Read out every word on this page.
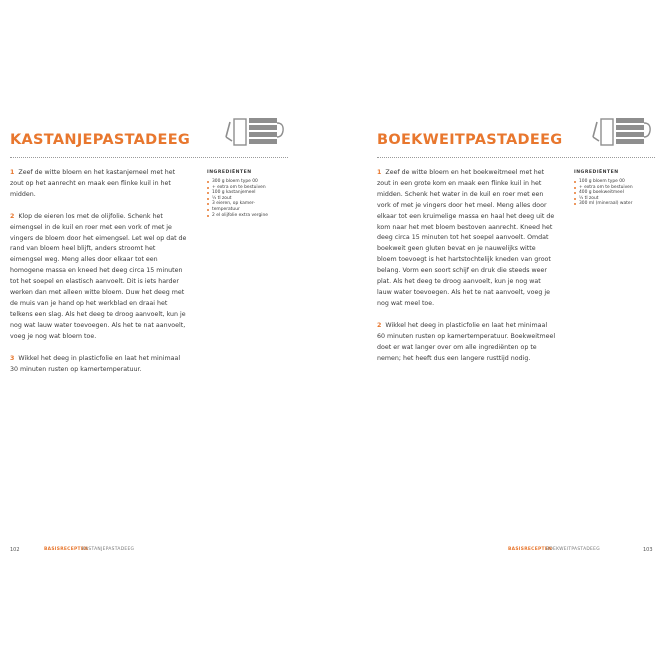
KASTANJEPASTADEEG

1 Zeef de witte bloem en het kastanjemeel met het zout op het aanrecht en maak een flinke kuil in het midden.

2 Klop de eieren los met de olijfolie. Schenk het eimengsel in de kuil en roer met een vork of met je vingers de bloem door het eimengsel. Let wel op dat de rand van bloem heel blijft, anders stroomt het eimengsel weg. Meng alles door elkaar tot een homogene massa en kneed het deeg circa 15 minuten tot het soepel en elastisch aanvoelt. Dit is iets harder werken dan met alleen witte bloem. Duw het deeg met de muis van je hand op het werkblad en draai het telkens een slag. Als het deeg te droog aanvoelt, kun je nog wat lauw water toevoegen. Als het te nat aanvoelt, voeg je nog wat bloem toe.

3 Wikkel het deeg in plasticfolie en laat het minimaal 30 minuten rusten op kamertemperatuur.

INGREDIËNTEN
300 g bloem type 00
+ extra om te bestuiven
100 g kastanjemeel
½ tl zout
3 eieren, op kamer-
temperatuur
2 el olijfolie extra vergine
102	BASISRECEPTEN
KASTANJEPASTADEEG
BOEKWEITPASTADEEG

1 Zeef de witte bloem en het boekweitmeel met het zout in een grote kom en maak een flinke kuil in het midden. Schenk het water in de kuil en roer met een vork of met je vingers door het meel. Meng alles door elkaar tot een kruimelige massa en haal het deeg uit de kom naar het met bloem bestoven aanrecht. Kneed het deeg circa 15 minuten tot het soepel aanvoelt. Omdat boekweit geen gluten bevat en je nauwelijks witte bloem toevoegt is het hartstochtelijk kneden van groot belang. Vorm een soort schijf en druk die steeds weer plat. Als het deeg te droog aanvoelt, kun je nog wat lauw water toevoegen. Als het te nat aanvoelt, voeg je nog wat meel toe.

2 Wikkel het deeg in plasticfolie en laat het minimaal 60 minuten rusten op kamertemperatuur. Boekweitmeel doet er wat langer over om alle ingrediënten op te nemen; het heeft dus een langere rusttijd nodig.

INGREDIËNTEN
100 g bloem type 00
+ extra om te bestuiven
400 g boekweitmeel
½ tl zout
300 ml (mineraal) water
BASISRECEPTEN
BOEKWEITPASTADEEG	103
